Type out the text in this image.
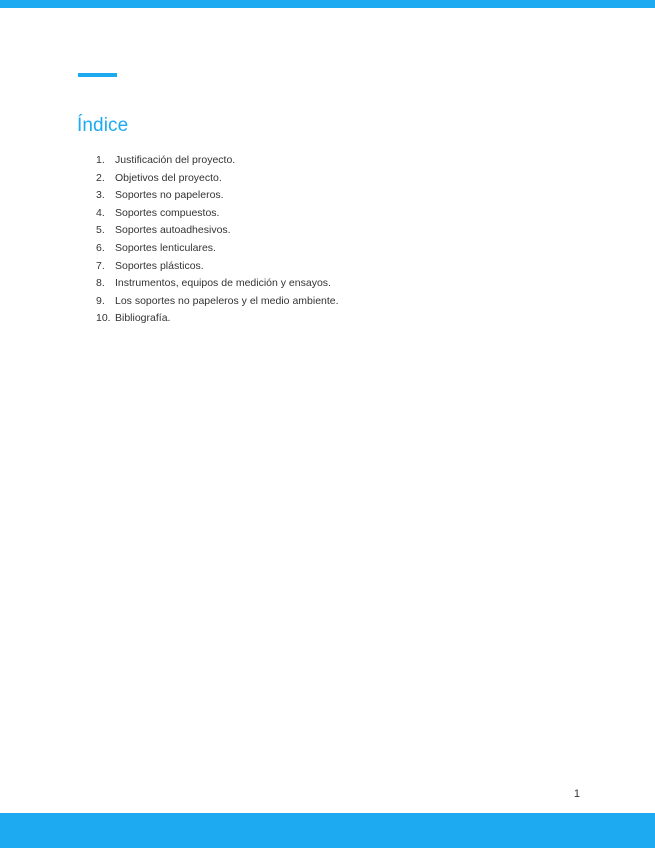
Índice
1. Justificación del proyecto.
2. Objetivos del proyecto.
3. Soportes no papeleros.
4. Soportes compuestos.
5. Soportes autoadhesivos.
6. Soportes lenticulares.
7. Soportes plásticos.
8. Instrumentos, equipos de medición y ensayos.
9. Los soportes no papeleros y el medio ambiente.
10. Bibliografía.
1
